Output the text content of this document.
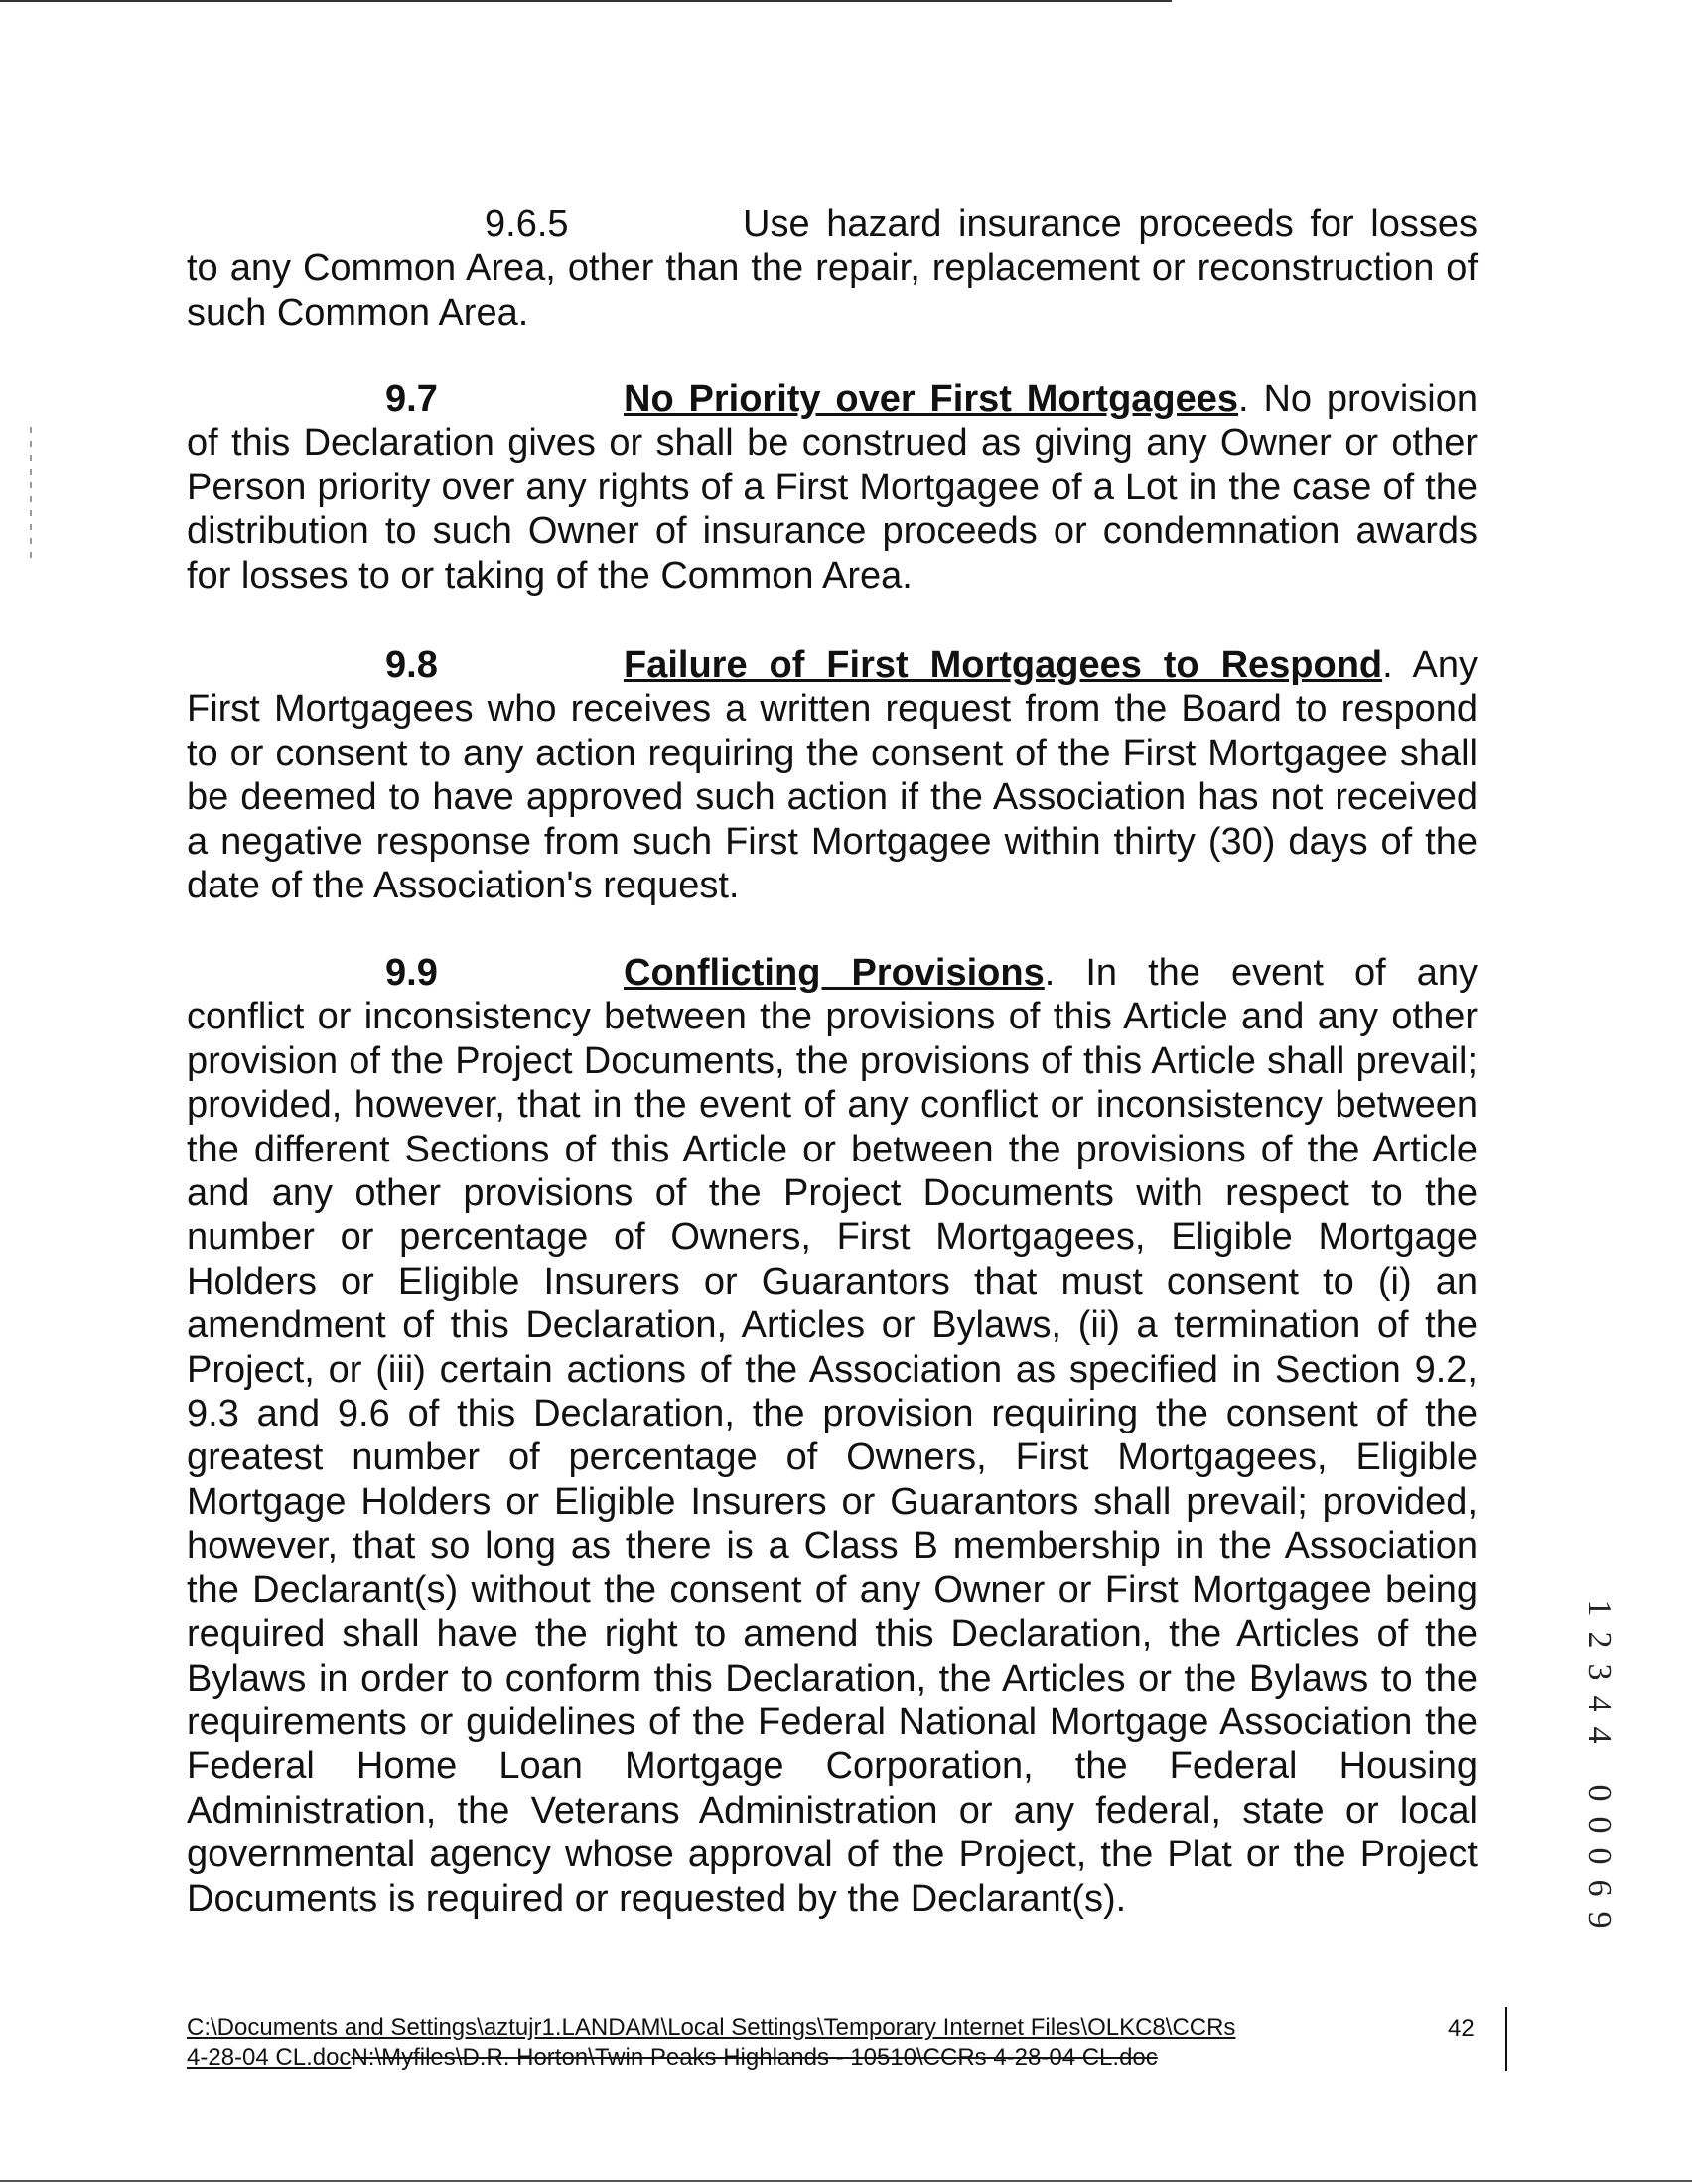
9.6.5	Use hazard insurance proceeds for losses to any Common Area, other than the repair, replacement or reconstruction of such Common Area.

9.7	No Priority over First Mortgagees. No provision of this Declaration gives or shall be construed as giving any Owner or other Person priority over any rights of a First Mortgagee of a Lot in the case of the distribution to such Owner of insurance proceeds or condemnation awards for losses to or taking of the Common Area.

9.8	Failure of First Mortgagees to Respond. Any First Mortgagees who receives a written request from the Board to respond to or consent to any action requiring the consent of the First Mortgagee shall be deemed to have approved such action if the Association has not received a negative response from such First Mortgagee within thirty (30) days of the date of the Association's request.

9.9	Conflicting Provisions. In the event of any conflict or inconsistency between the provisions of this Article and any other provision of the Project Documents, the provisions of this Article shall prevail; provided, however, that in the event of any conflict or inconsistency between the different Sections of this Article or between the provisions of the Article and any other provisions of the Project Documents with respect to the number or percentage of Owners, First Mortgagees, Eligible Mortgage Holders or Eligible Insurers or Guarantors that must consent to (i) an amendment of this Declaration, Articles or Bylaws, (ii) a termination of the Project, or (iii) certain actions of the Association as specified in Section 9.2, 9.3 and 9.6 of this Declaration, the provision requiring the consent of the greatest number of percentage of Owners, First Mortgagees, Eligible Mortgage Holders or Eligible Insurers or Guarantors shall prevail; provided, however, that so long as there is a Class B membership in the Association the Declarant(s) without the consent of any Owner or First Mortgagee being required shall have the right to amend this Declaration, the Articles of the Bylaws in order to conform this Declaration, the Articles or the Bylaws to the requirements or guidelines of the Federal National Mortgage Association the Federal Home Loan Mortgage Corporation, the Federal Housing Administration, the Veterans Administration or any federal, state or local governmental agency whose approval of the Project, the Plat or the Project Documents is required or requested by the Declarant(s).

1
2
3
4
4

0
0
0
6
9
C:\Documents and Settings\aztujr1.LANDAM\Local Settings\Temporary Internet Files\OLKC8\CCRs
4-28-04 CL.docN:\Myfiles\D.R. Horton\Twin Peaks Highlands - 10510\CCRs 4-28-04 CL.doc
42
